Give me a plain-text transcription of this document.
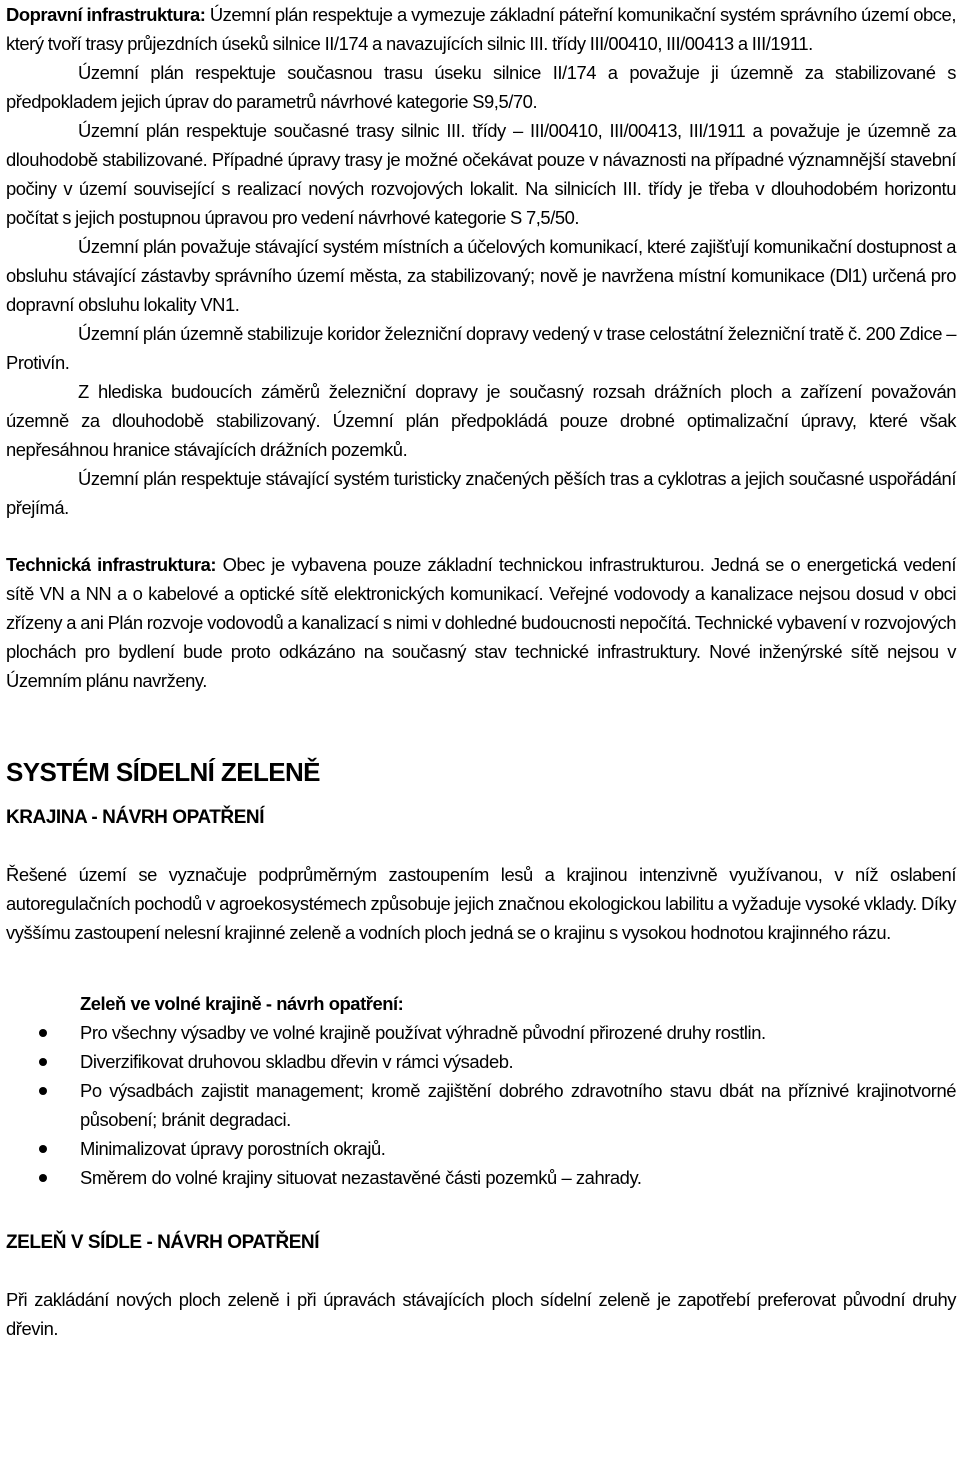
Dopravní infrastruktura: Územní plán respektuje a vymezuje základní páteřní komunikační systém správního území obce, který tvoří trasy průjezdních úseků silnice II/174 a navazujících silnic III. třídy III/00410, III/00413 a III/1911.

Územní plán respektuje současnou trasu úseku silnice II/174 a považuje ji územně za stabilizované s předpokladem jejich úprav do parametrů návrhové kategorie S9,5/70.

Územní plán respektuje současné trasy silnic III. třídy – III/00410, III/00413, III/1911 a považuje je územně za dlouhodobě stabilizované. Případné úpravy trasy je možné očekávat pouze v návaznosti na případné významnější stavební počiny v území související s realizací nových rozvojových lokalit. Na silnicích III. třídy je třeba v dlouhodobém horizontu počítat s jejich postupnou úpravou pro vedení návrhové kategorie S 7,5/50.

Územní plán považuje stávající systém místních a účelových komunikací, které zajišťují komunikační dostupnost a obsluhu stávající zástavby správního území města, za stabilizovaný; nově je navržena místní komunikace (Dl1) určená pro dopravní obsluhu lokality VN1.

Územní plán územně stabilizuje koridor železniční dopravy vedený v trase celostátní železniční tratě č. 200 Zdice – Protivín.

Z hlediska budoucích záměrů železniční dopravy je současný rozsah drážních ploch a zařízení považován územně za dlouhodobě stabilizovaný. Územní plán předpokládá pouze drobné optimalizační úpravy, které však nepřesáhnou hranice stávajících drážních pozemků.

Územní plán respektuje stávající systém turisticky značených pěších tras a cyklotras a jejich současné uspořádání přejímá.

Technická infrastruktura: Obec je vybavena pouze základní technickou infrastrukturou. Jedná se o energetická vedení sítě VN a NN a o kabelové a optické sítě elektronických komunikací. Veřejné vodovody a kanalizace nejsou dosud v obci zřízeny a ani Plán rozvoje vodovodů a kanalizací s nimi v dohledné budoucnosti nepočítá. Technické vybavení v rozvojových plochách pro bydlení bude proto odkázáno na současný stav technické infrastruktury. Nové inženýrské sítě nejsou v Územním plánu navrženy.

SYSTÉM SÍDELNÍ ZELENĚ
KRAJINA - NÁVRH OPATŘENÍ

Řešené území se vyznačuje podprůměrným zastoupením lesů a krajinou intenzivně využívanou, v níž oslabení autoregulačních pochodů v agroekosystémech způsobuje jejich značnou ekologickou labilitu a vyžaduje vysoké vklady. Díky vyššímu zastoupení nelesní krajinné zeleně a vodních ploch jedná se o krajinu s vysokou hodnotou krajinného rázu.

Zeleň ve volné krajině - návrh opatření:
Pro všechny výsadby ve volné krajině používat výhradně původní přirozené druhy rostlin.
Diverzifikovat druhovou skladbu dřevin v rámci výsadeb.
Po výsadbách zajistit management; kromě zajištění dobrého zdravotního stavu dbát na příznivé krajinotvorné působení; bránit degradaci.
Minimalizovat úpravy porostních okrajů.
Směrem do volné krajiny situovat nezastavěné části pozemků – zahrady.
ZELEŇ V SÍDLE - NÁVRH OPATŘENÍ

Při zakládání nových ploch zeleně i při úpravách stávajících ploch sídelní zeleně je zapotřebí preferovat původní druhy dřevin.
